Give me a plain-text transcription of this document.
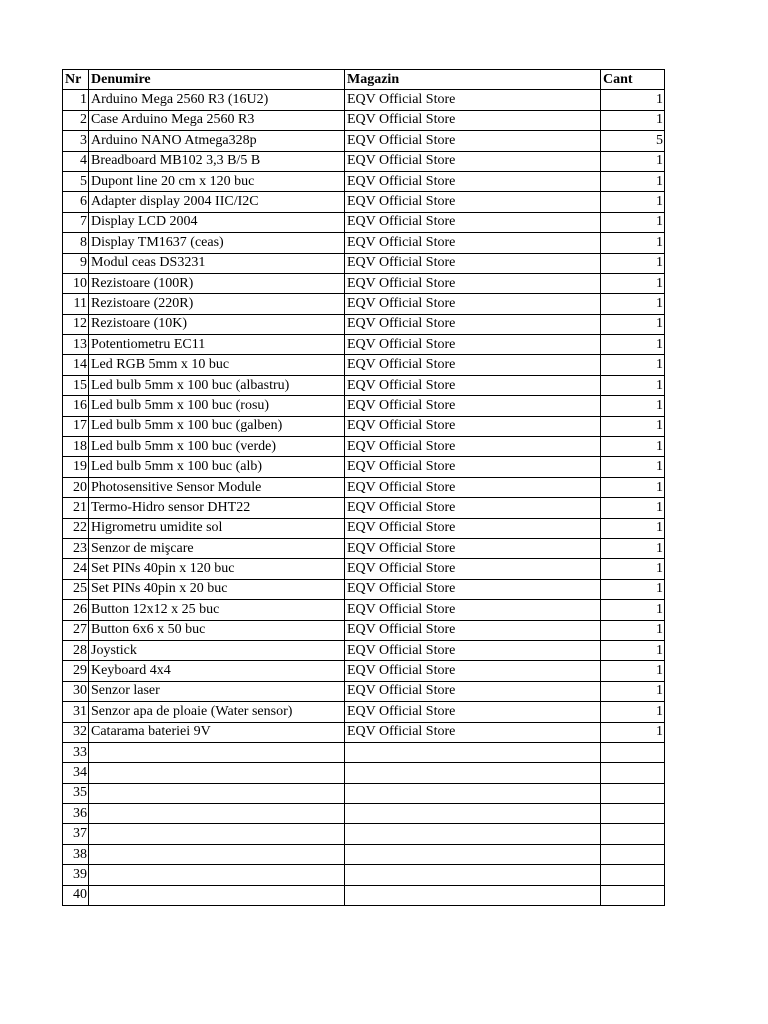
Nr	Denumire	Magazin	Cant
1	Arduino Mega 2560 R3 (16U2)	EQV Official Store	1
2	Case Arduino Mega 2560 R3	EQV Official Store	1
3	Arduino NANO Atmega328p	EQV Official Store	5
4	Breadboard MB102 3,3 B/5 B	EQV Official Store	1
5	Dupont line 20 cm x 120 buc	EQV Official Store	1
6	Adapter display 2004 IIC/I2C	EQV Official Store	1
7	Display LCD 2004	EQV Official Store	1
8	Display TM1637 (ceas)	EQV Official Store	1
9	Modul ceas DS3231	EQV Official Store	1
10	Rezistoare (100R)	EQV Official Store	1
11	Rezistoare (220R)	EQV Official Store	1
12	Rezistoare (10K)	EQV Official Store	1
13	Potentiometru EC11	EQV Official Store	1
14	Led RGB 5mm x 10 buc	EQV Official Store	1
15	Led bulb 5mm x 100 buc (albastru)	EQV Official Store	1
16	Led bulb 5mm x 100 buc (rosu)	EQV Official Store	1
17	Led bulb 5mm x 100 buc (galben)	EQV Official Store	1
18	Led bulb 5mm x 100 buc (verde)	EQV Official Store	1
19	Led bulb 5mm x 100 buc (alb)	EQV Official Store	1
20	Photosensitive Sensor Module	EQV Official Store	1
21	Termo-Hidro sensor DHT22	EQV Official Store	1
22	Higrometru umidite sol	EQV Official Store	1
23	Senzor de mişcare	EQV Official Store	1
24	Set PINs 40pin x 120 buc	EQV Official Store	1
25	Set PINs 40pin x 20 buc	EQV Official Store	1
26	Button 12x12 x 25 buc	EQV Official Store	1
27	Button 6x6 x 50 buc	EQV Official Store	1
28	Joystick	EQV Official Store	1
29	Keyboard 4x4	EQV Official Store	1
30	Senzor laser	EQV Official Store	1
31	Senzor apa de ploaie (Water sensor)	EQV Official Store	1
32	Catarama bateriei 9V	EQV Official Store	1
33			
34			
35			
36			
37			
38			
39			
40			
